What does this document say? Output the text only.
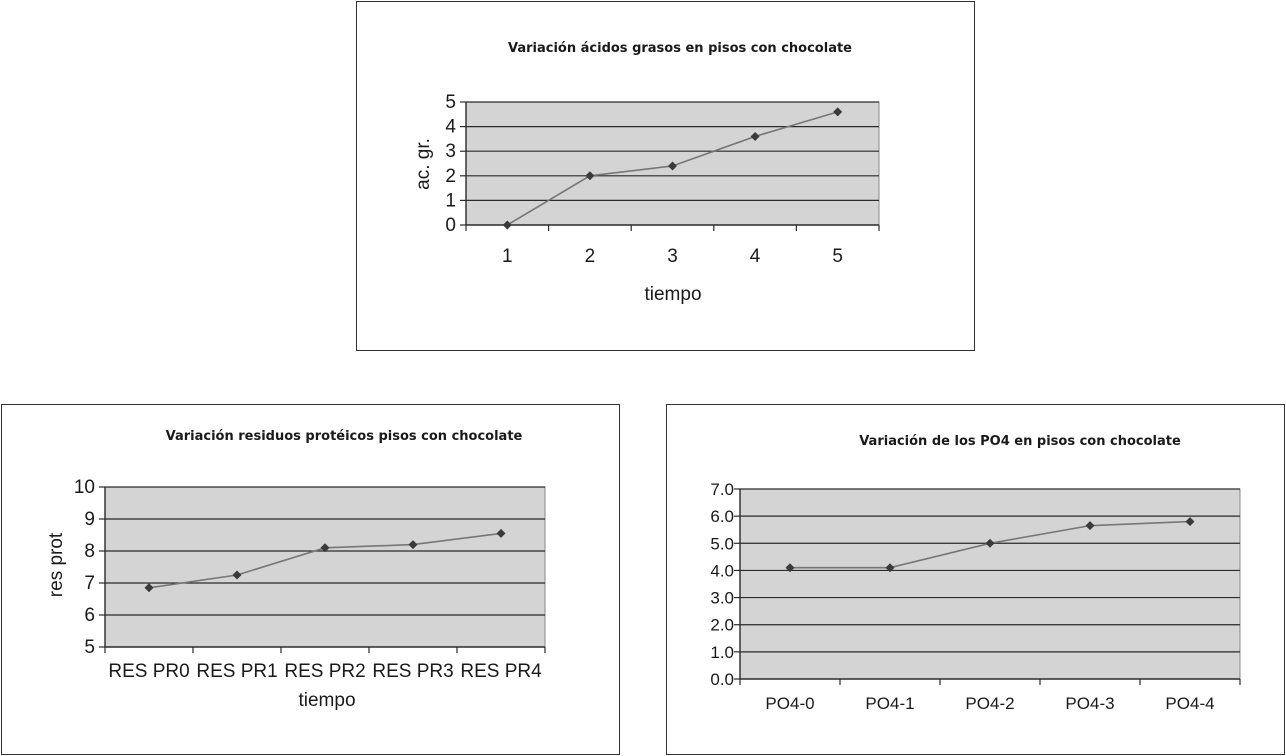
Variación ácidos grasos en pisos con chocolate
0
1
2
3
4
5
1	2	3	4	5
tiempo
ac. gr.
Variación residuos protéicos pisos con chocolate
5
6
7
8
9
10
RES PR0 RES PR1 RES PR2 RES PR3 RES PR4
tiempo
res prot
Variación de los PO4 en pisos con chocolate
0.0
1.0
2.0
3.0
4.0
5.0
6.0
7.0
PO4-0	PO4-1	PO4-2	PO4-3	PO4-4
